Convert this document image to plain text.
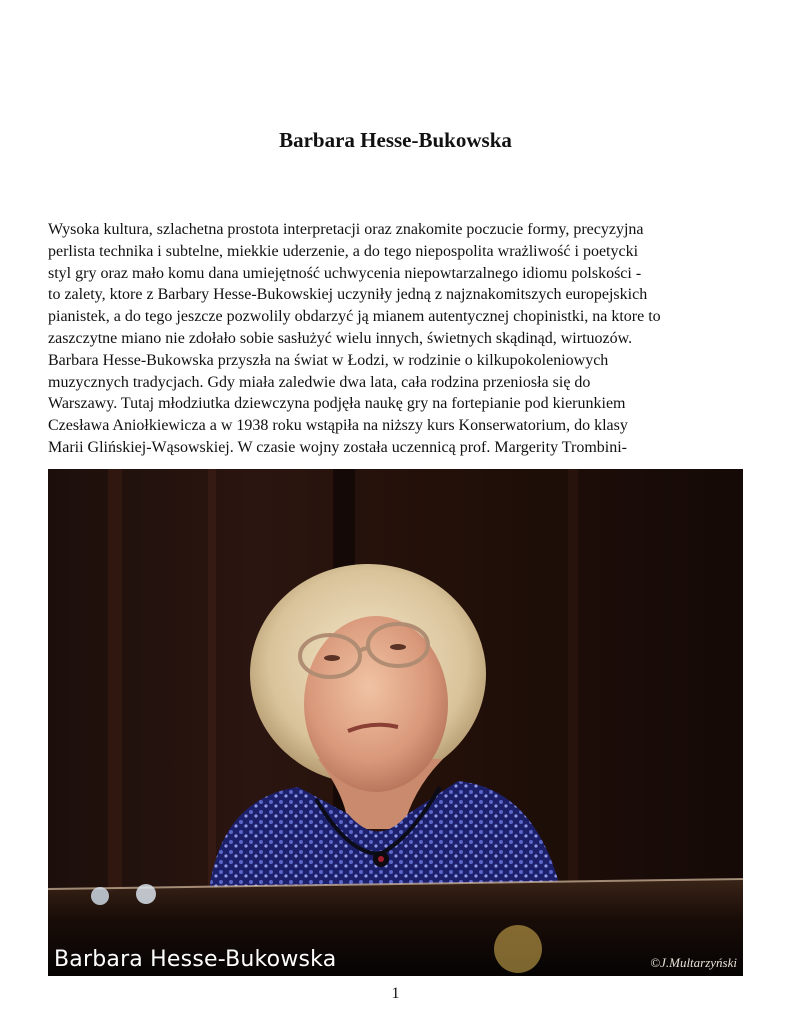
Barbara Hesse-Bukowska
Wysoka kultura, szlachetna prostota interpretacji oraz znakomite poczucie formy, precyzyjna
perlista technika i subtelne, miekkie uderzenie, a do tego niepospolita wrażliwość i poetycki
styl gry oraz mało komu dana umiejętność uchwycenia niepowtarzalnego idiomu polskości -
to zalety, ktore z Barbary Hesse-Bukowskiej uczyniły jedną z najznakomitszych europejskich
pianistek, a do tego jeszcze pozwolily obdarzyć ją mianem autentycznej chopinistki, na ktore to
zaszczytne miano nie zdołało sobie sasłużyć wielu innych, świetnych skądinąd, wirtuozów.
Barbara Hesse-Bukowska przyszła na świat w Łodzi, w rodzinie o kilkupokoleniowych
muzycznych tradycjach. Gdy miała zaledwie dwa lata, cała rodzina przeniosła się do
Warszawy. Tutaj młodziutka dziewczyna podjęła naukę gry na fortepianie pod kierunkiem
Czesława Aniołkiewicza a w 1938 roku wstąpiła na niższy kurs Konserwatorium, do klasy
Marii Glińskiej-Wąsowskiej. W czasie wojny została uczennicą prof. Margerity Trombini-
Barbara Hesse-Bukowska	©J.Multarzyński
1
